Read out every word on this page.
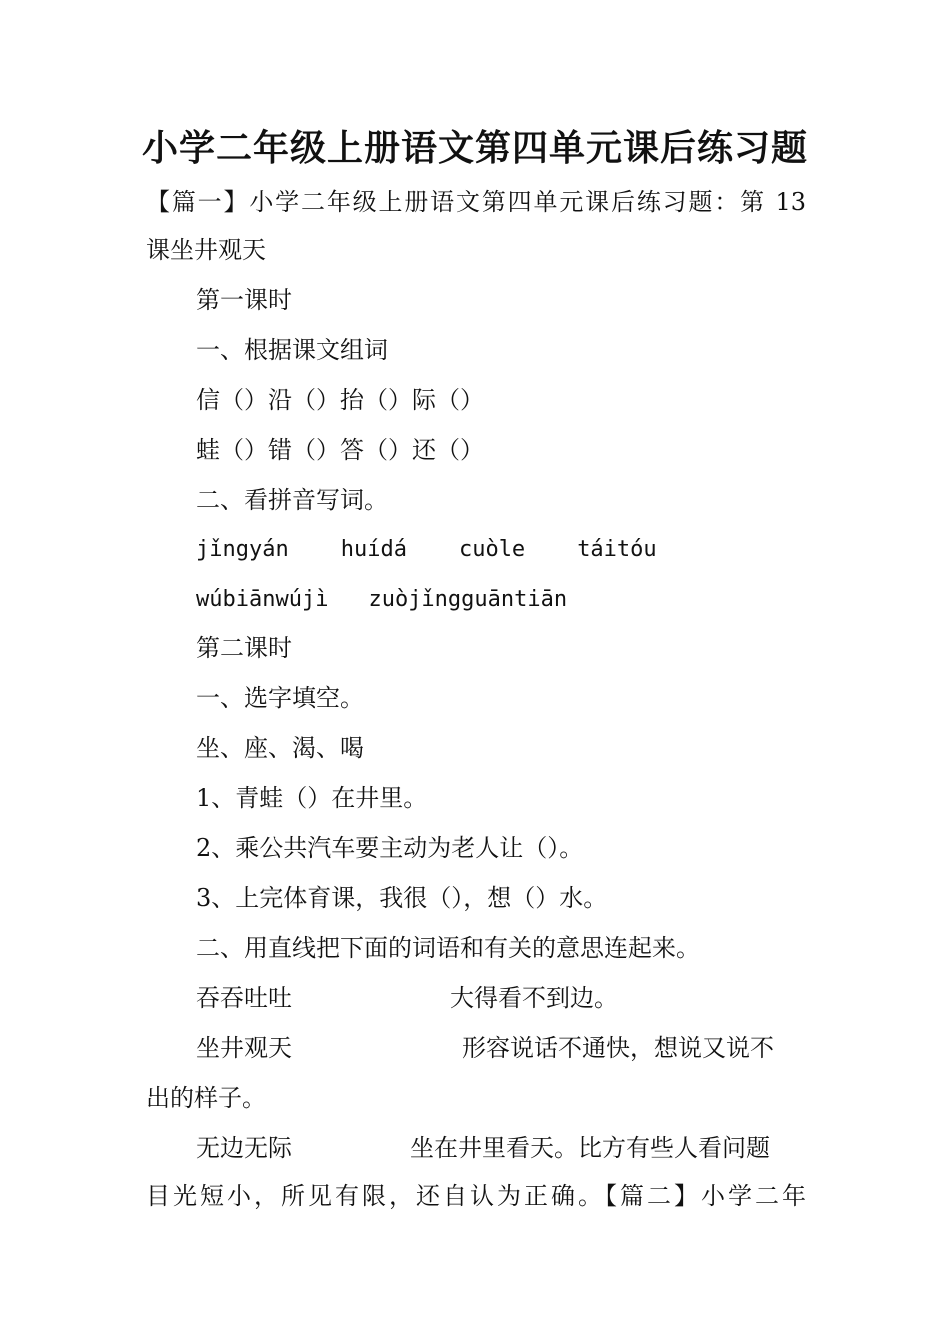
小学二年级上册语文第四单元课后练习题
【篇一】小学二年级上册语文第四单元课后练习题：第 13
课坐井观天
第一课时
一、根据课文组词
信（）沿（）抬（）际（）
蛙（）错（）答（）还（）
二、看拼音写词。
jǐngyán huídá cuòle táitóu
wúbiānwújì zuòjǐngguāntiān
第二课时
一、选字填空。
坐、座、渴、喝
1、青蛙（）在井里。
2、乘公共汽车要主动为老人让（）。
3、上完体育课，我很（），想（）水。
二、用直线把下面的词语和有关的意思连起来。
吞吞吐吐	大得看不到边。
坐井观天	形容说话不通快，想说又说不
出的样子。
无边无际	坐在井里看天。比方有些人看问题
目光短小，所见有限，还自认为正确。【篇二】小学二年
